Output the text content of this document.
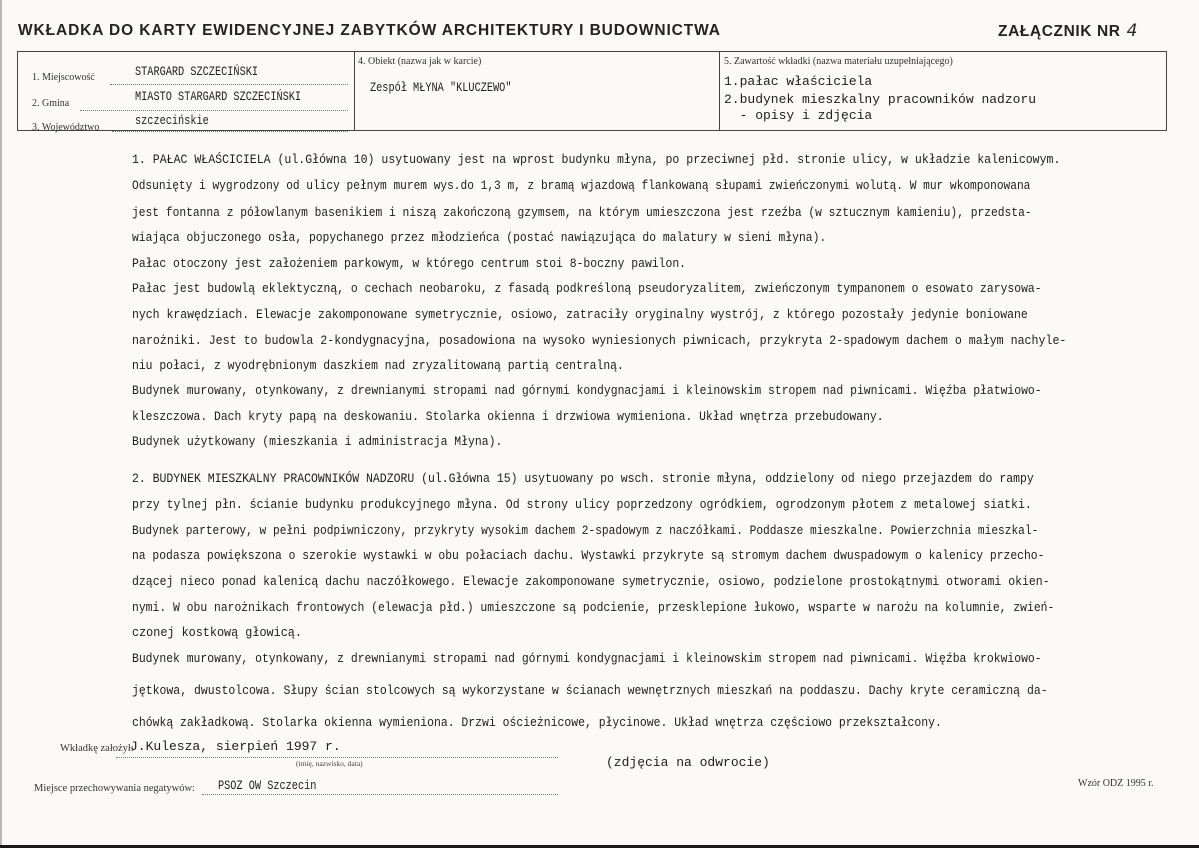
WKŁADKA DO KARTY EWIDENCYJNEJ ZABYTKÓW ARCHITEKTURY I BUDOWNICTWA	ZAŁĄCZNIK NR 4
1. Miejscowość	STARGARD SZCZECIŃSKI
2. Gmina	MIASTO STARGARD SZCZECIŃSKI
3. Województwo	szczecińskie
4. Obiekt (nazwa jak w karcie)
Zespół MŁYNA "KLUCZEWO"
5. Zawartość wkładki (nazwa materiału uzupełniającego)
1.pałac właściciela
2.budynek mieszkalny pracowników nadzoru
- opisy i zdjęcia
1. PAŁAC WŁAŚCICIELA (ul.Główna 10) usytuowany jest na wprost budynku młyna, po przeciwnej płd. stronie ulicy, w układzie kalenicowym.
Odsunięty i wygrodzony od ulicy pełnym murem wys.do 1,3 m, z bramą wjazdową flankowaną słupami zwieńczonymi wolutą. W mur wkomponowana
jest fontanna z półowlanym basenikiem i niszą zakończoną gzymsem, na którym umieszczona jest rzeźba (w sztucznym kamieniu), przedsta-
wiająca objuczonego osła, popychanego przez młodzieńca (postać nawiązująca do malatury w sieni młyna).
Pałac otoczony jest założeniem parkowym, w którego centrum stoi 8-boczny pawilon.
Pałac jest budowlą eklektyczną, o cechach neobaroku, z fasadą podkreśloną pseudoryzalitem, zwieńczonym tympanonem o esowato zarysowa-
nych krawędziach. Elewacje zakomponowane symetrycznie, osiowo, zatraciły oryginalny wystrój, z którego pozostały jedynie boniowane
narożniki. Jest to budowla 2-kondygnacyjna, posadowiona na wysoko wyniesionych piwnicach, przykryta 2-spadowym dachem o małym nachyle-
niu połaci, z wyodrębnionym daszkiem nad zryzalitowaną partią centralną.
Budynek murowany, otynkowany, z drewnianymi stropami nad górnymi kondygnacjami i kleinowskim stropem nad piwnicami. Więźba płatwiowo-
kleszczowa. Dach kryty papą na deskowaniu. Stolarka okienna i drzwiowa wymieniona. Układ wnętrza przebudowany.
Budynek użytkowany (mieszkania i administracja Młyna).
2. BUDYNEK MIESZKALNY PRACOWNIKÓW NADZORU (ul.Główna 15) usytuowany po wsch. stronie młyna, oddzielony od niego przejazdem do rampy
przy tylnej płn. ścianie budynku produkcyjnego młyna. Od strony ulicy poprzedzony ogródkiem, ogrodzonym płotem z metalowej siatki.
Budynek parterowy, w pełni podpiwniczony, przykryty wysokim dachem 2-spadowym z naczółkami. Poddasze mieszkalne. Powierzchnia mieszkal-
na podasza powiększona o szerokie wystawki w obu połaciach dachu. Wystawki przykryte są stromym dachem dwuspadowym o kalenicy przecho-
dzącej nieco ponad kalenicą dachu naczółkowego. Elewacje zakomponowane symetrycznie, osiowo, podzielone prostokątnymi otworami okien-
nymi. W obu narożnikach frontowych (elewacja płd.) umieszczone są podcienie, przesklepione łukowo, wsparte w narożu na kolumnie, zwień-
czonej kostkową głowicą.
Budynek murowany, otynkowany, z drewnianymi stropami nad górnymi kondygnacjami i kleinowskim stropem nad piwnicami. Więźba krokwiowo-
jętkowa, dwustolcowa. Słupy ścian stolcowych są wykorzystane w ścianach wewnętrznych mieszkań na poddaszu. Dachy kryte ceramiczną da-
chówką zakładkową. Stolarka okienna wymieniona. Drzwi ościeżnicowe, płycinowe. Układ wnętrza częściowo przekształcony.
Wkładkę założył:
J.Kulesza, sierpień 1997 r.
(imię, nazwisko, data)	(zdjęcia na odwrocie)
Miejsce przechowywania negatywów: PSOZ OW Szczecin	Wzór ODZ 1995 r.
